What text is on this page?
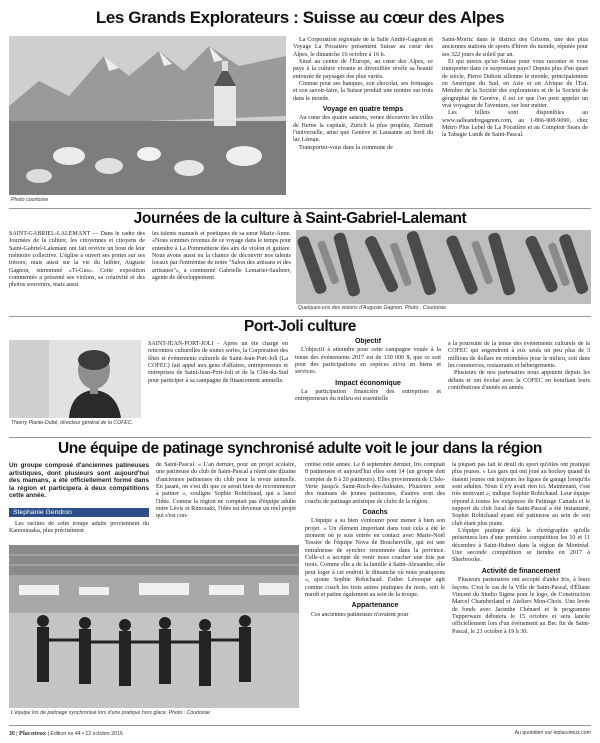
Les Grands Explorateurs : Suisse au cœur des Alpes
Photo courtoisie

La Corporation régionale de la Salle André-Gagnon et Voyage La Pocatière présentent Suisse au cœur des Alpes, le dimanche 16 octobre à 16 h.

Situé au centre de l'Europe, au cœur des Alpes, ce pays à la culture vivante et diversifiée révèle sa beauté entourée de paysages des plus variés.

Connue pour ses banques, son chocolat, ses fromages et son savoir-faire, la Suisse produit une montre sur trois dans le monde.

Voyage en quatre temps

Au cœur des quatre saisons, venez découvrir les villes de Berne la capitale, Zurich la plus peuplée, Zermatt l'universelle, ainsi que Genève et Lausanne au bord du lac Léman.

Transportez-vous dans la commune de

Saint-Moritz dans le district des Grisons, une des plus anciennes stations de sports d'hiver du monde, réputée pour ses 322 jours de soleil par an.

Et qui mieux qu'un Suisse pour vous raconter et vous transporter dans ce surprenant pays? Depuis plus d'un quart de siècle, Pierre Dubois sillonne le monde, principalement en Amérique du Sud, en Asie et en Afrique de l'Est. Membre de la Société des explorateurs et de la Société de géographie de Genève, il est ce que l'on peut appeler un vrai voyageur de l'aventure, sur leur métier.

Les billets sont disponibles au www.salleandregagnon.com, au 1-866-908-9090, chez Métro Plus Lebel de La Pocatière et au Comptoir Sears de la Tabagie Lunik de Saint-Pascal.

Journées de la culture à Saint-Gabriel-Lalemant

SAINT-GABRIEL-LALEMANT — Dans le cadre des Journées de la culture, les citoyennes et citoyens de Saint-Gabriel-Lalemant ont fait revivre un bout de leur mémoire collective. L'église a ouvert ses portes sur ses trésors; mais aussi sur la vie du luthier, Auguste Gagnon, surnommé «Ti-Gus». Cette exposition commentée a présenté ses violons, sa créativité et des photos souvenirs, mais aussi

les talents manuels et poétiques de sa sœur Marie-Anne. «Nous sommes revenus de ce voyage dans le temps pour entendre à La Pommetterie des airs de violon et guitare. Nous avons aussi eu la chance de découvrir nos talents locaux par l'entremise de notre "Salon des artisans et des artisanes"», a commenté Gabrielle Lemarier-Saulnier, agente de développement.

Quelques-uns des violons d'Auguste Gagnon. Photo : Courtoisie
Port-Joli culture
Thierry Plante-Dubé, directeur général de la COFEC.

SAINT-JEAN-PORT-JOLI - Après un été chargé en rencontres culturelles de toutes sortes, la Corporation des fêtes et événements culturels de Saint-Jean-Port-Joli (La COFEC) fait appel aux gens d'affaires, entrepreneurs et entreprises de Saint-Jean-Port-Joli et de la Côte-du-Sud pour participer à sa campagne de financement annuelle.

Objectif

L'objectif à atteindre pour cette campagne vouée à la tenue des événements 2017 est de 130 000 $, que ce soit pour des participations en espèces et/ou en biens et services.

Impact économique

La participation financière des entreprises et entrepreneurs du milieu est essentielle

à la poursuite de la tenue des événements culturels de la COFEC qui engendrent à eux seuls un peu plus de 3 millions de dollars en retombées pour le milieu, soit dans les commerces, restaurants et hébergements.

Plusieurs de nos partenaires nous appuient depuis les débuts et ont évolué avec la COFEC en bonifiant leurs contributions d'année en année.

Une équipe de patinage synchronisé adulte voit le jour dans la région
Un groupe composé d'anciennes patineuses artistiques, dont plusieurs sont aujourd'hui des mamans, a été officiellement formé dans la région et participera à deux compétitions cette année.
Stephanie Gendron

Les racines de cette troupe adulte proviennent du Kamouraska, plus précisément

de Saint-Pascal. « L'an dernier, pour un projet scolaire, une patineuse du club de Saint-Pascal a réuni une dizaine d'anciennes patineuses du club pour la revue annuelle. En jasant, on s'est dit que ce serait bien de recommencer à patiner », souligne Sophie Robichaud, qui a lancé l'idée. Comme la région ne comptait pas d'équipe adulte entre Lévis et Rimouski, l'idée est devenue un réel projet qui s'est con-

crétisé cette année. Le 8 septembre dernier, Iris comptait 8 patineuses et aujourd'hui elles sont 14 (un groupe doit compter de 8 à 20 patineurs). Elles proviennent de L'Isle-Verte jusqu'à Saint-Roch-des-Aulnaies. Plusieurs sont des mamans de jeunes patineuses, d'autres sont des coachs de patinage artistique de clubs de la région.

Coachs

L'équipe a su bien s'entourer pour mener à bien son projet. « Un élément important dans tout cela a été le moment où je suis entrée en contact avec Marie-Noël Tessier de l'équipe Nova de Boucherville, qui est une entraîneuse de synchro renommée dans la province. Celle-ci a accepté de venir nous coacher une fois par mois. Comme elle a de la famille à Saint-Alexandre, elle peut loger à cet endroit le dimanche où nous pratiquons », ajoute Sophie Robichaud. Esther Lévesque agit comme coach les trois autres pratiques du mois, soit le mardi et patine également au sein de la troupe.

Appartenance

Ces anciennes patineuses n'avaient pour

la plupart pas fait le deuil du sport qu'elles ont pratiqué plus jeunes. « Les gars qui ont joué au hockey quand ils étaient jeunes ont toujours les ligues de garage lorsqu'ils sont adultes. Nous il n'y avait rien ici. Maintenant, c'est très motivant », indique Sophie Robichaud. Leur équipe répond à toutes les exigences de Patinage Canada et le support du club local de Saint-Pascal a été instantané, Sophie Robichaud ayant été patineuse au sein de son club étant plus jeune.

L'équipe pratique déjà la chorégraphie qu'elle présentera lors d'une première compétition les 10 et 11 décembre à Saint-Hubert dans la région de Montréal. Une seconde compétition se tiendra en 2017 à Sherbrooke.

Activité de financement

Plusieurs partenaires ont accepté d'aider Iris, à leurs façons. C'est le cas de la Ville de Saint-Pascal, d'Éliane Vincent du Studio Sigma pour le logo, de Construction Marcel Chamberland et Ateliers Mon-Chois. Une levée de fonds avec Jacinthe Chénard et le programme Tupperware débutera le 15 octobre et sera lancée officiellement lors d'un événement au Bec fin de Saint-Pascal, le 21 octobre à 19 h 30.

L'équipe Iris de patinage synchronisé lors d'une pratique hors glace. Photo : Courtoisie
30 | Placoteux | Édition no 44 • 12 octobre 2016	Au quotidien sur leplacoteux.com
